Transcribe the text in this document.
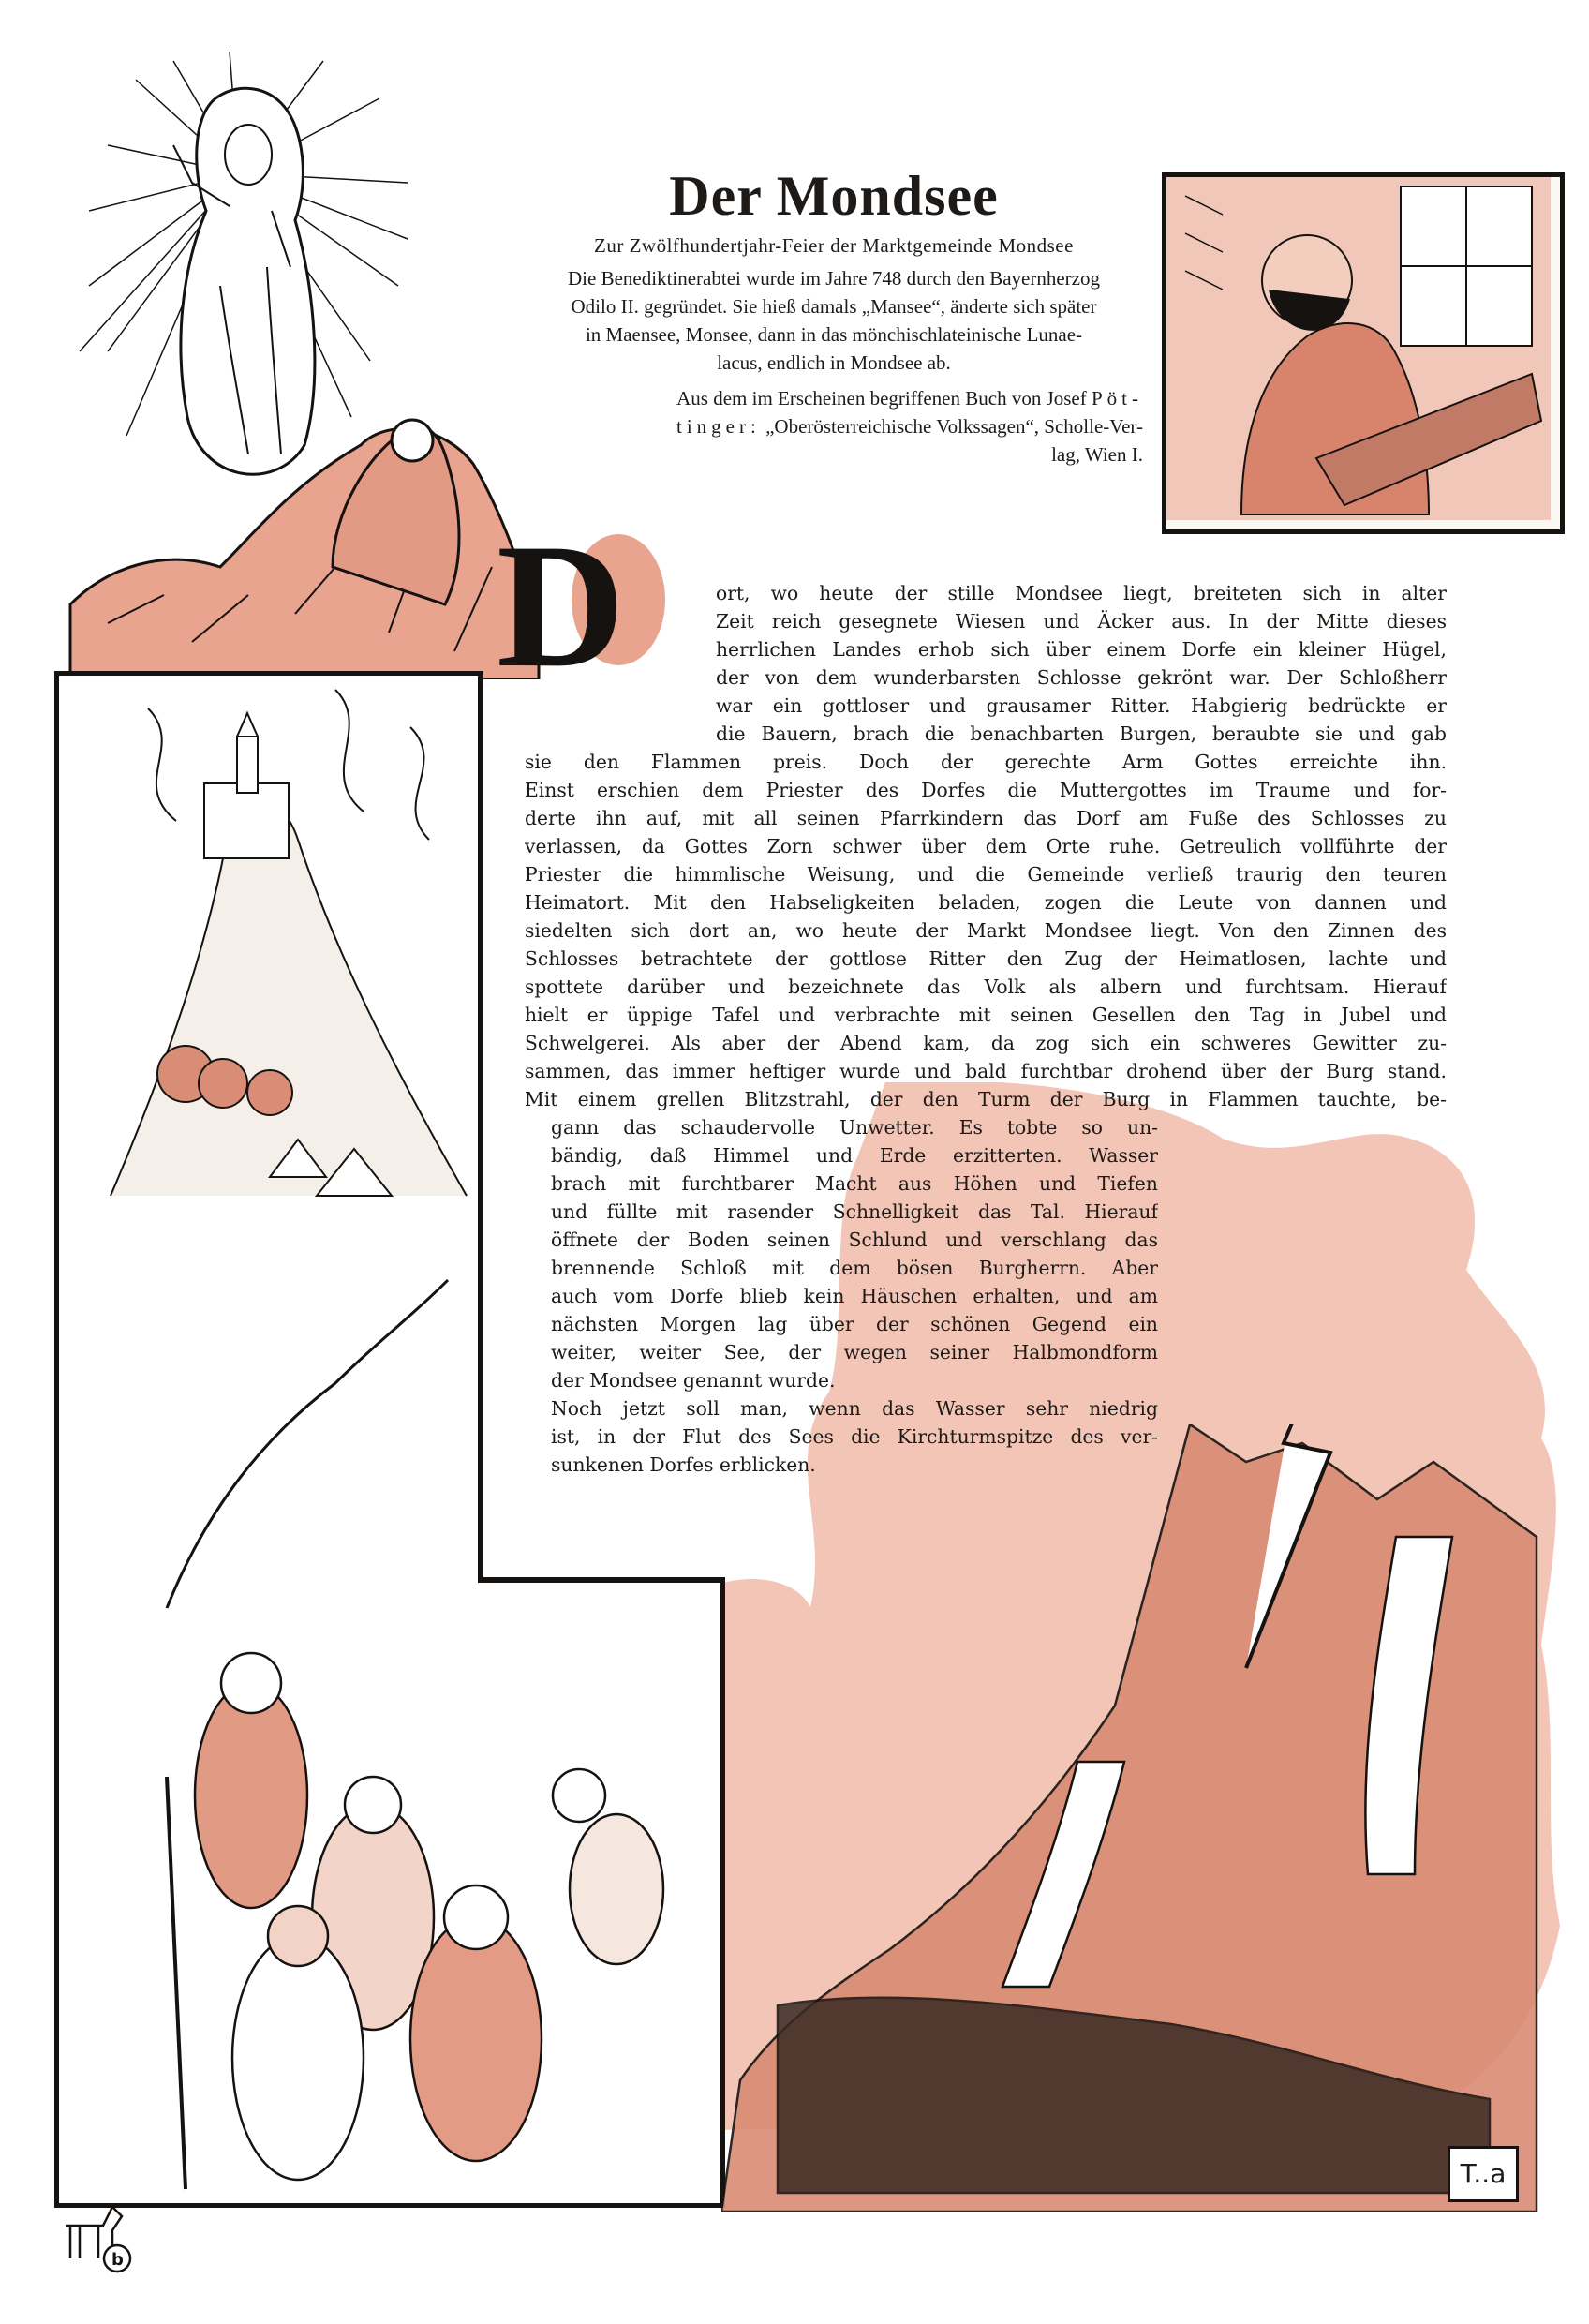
D
Der Mondsee
Zur Zwölfhundertjahr-Feier der Marktgemeinde Mondsee
Die Benediktinerabtei wurde im Jahre 748 durch den Bayernherzog
Odilo II. gegründet. Sie hieß damals „Mansee“, änderte sich später
in Maensee, Monsee, dann in das mönchischlateinische Lunae-
lacus, endlich in Mondsee ab.
Aus dem im Erscheinen begriffenen Buch von Josef Pöt-
tinger: „Oberösterreichische Volkssagen“, Scholle-Ver-
lag, Wien I.
ort, wo heute der stille Mondsee liegt, breiteten sich in alter
Zeit reich gesegnete Wiesen und Äcker aus. In der Mitte dieses
herrlichen Landes erhob sich über einem Dorfe ein kleiner Hügel,
der von dem wunderbarsten Schlosse gekrönt war. Der Schloßherr
war ein gottloser und grausamer Ritter. Habgierig bedrückte er
die Bauern, brach die benachbarten Burgen, beraubte sie und gab
sie den Flammen preis. Doch der gerechte Arm Gottes erreichte ihn.
Einst erschien dem Priester des Dorfes die Muttergottes im Traume und for-
derte ihn auf, mit all seinen Pfarrkindern das Dorf am Fuße des Schlosses zu
verlassen, da Gottes Zorn schwer über dem Orte ruhe. Getreulich vollführte der
Priester die himmlische Weisung, und die Gemeinde verließ traurig den teuren
Heimatort. Mit den Habseligkeiten beladen, zogen die Leute von dannen und
siedelten sich dort an, wo heute der Markt Mondsee liegt. Von den Zinnen des
Schlosses betrachtete der gottlose Ritter den Zug der Heimatlosen, lachte und
spottete darüber und bezeichnete das Volk als albern und furchtsam. Hierauf
hielt er üppige Tafel und verbrachte mit seinen Gesellen den Tag in Jubel und
Schwelgerei. Als aber der Abend kam, da zog sich ein schweres Gewitter zu-
sammen, das immer heftiger wurde und bald furchtbar drohend über der Burg stand.
Mit einem grellen Blitzstrahl, der den Turm der Burg in Flammen tauchte, be-
gann das schaudervolle Unwetter. Es tobte so un-
bändig, daß Himmel und Erde erzitterten. Wasser
brach mit furchtbarer Macht aus Höhen und Tiefen
und füllte mit rasender Schnelligkeit das Tal. Hierauf
öffnete der Boden seinen Schlund und verschlang das
brennende Schloß mit dem bösen Burgherrn. Aber
auch vom Dorfe blieb kein Häuschen erhalten, und am
nächsten Morgen lag über der schönen Gegend ein
weiter, weiter See, der wegen seiner Halbmondform
der Mondsee genannt wurde.
Noch jetzt soll man, wenn das Wasser sehr niedrig
ist, in der Flut des Sees die Kirchturmspitze des ver-
sunkenen Dorfes erblicken.
T..a
b
